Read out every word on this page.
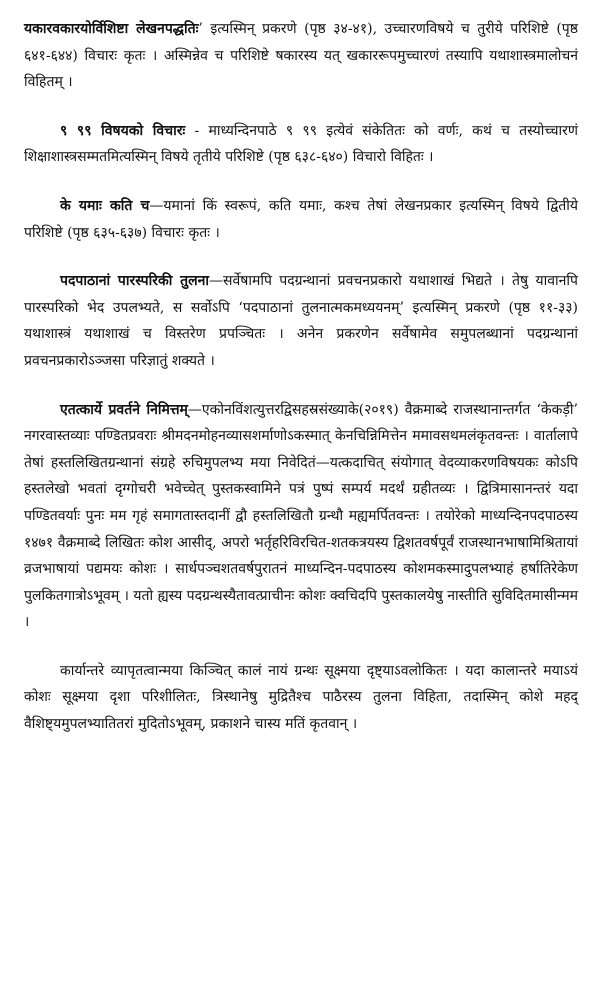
यकारवकारयोर्विशिष्टा लेखनपद्धतिः’ इत्यस्मिन् प्रकरणे (पृष्ठ ३४-४१), उच्चारणविषये च तुरीये परिशिष्टे (पृष्ठ ६४१-६४४) विचारः कृतः । अस्मिन्नेव च परिशिष्टे षकारस्य यत् खकाररूपमुच्चारणं तस्यापि यथाशास्त्रमालोचनं विहितम् ।

९ ९९ विषयको विचारः - माध्यन्दिनपाठे ९ ९९ इत्येवं संकेतितः को वर्णः, कथं च तस्योच्चारणं शिक्षाशास्त्रसम्मतमित्यस्मिन् विषये तृतीये परिशिष्टे (पृष्ठ ६३८-६४०) विचारो विहितः ।

के यमाः कति च—यमानां किं स्वरूपं, कति यमाः, कश्च तेषां लेखनप्रकार इत्यस्मिन् विषये द्वितीये परिशिष्टे (पृष्ठ ६३५-६३७) विचारः कृतः ।

पदपाठानां पारस्परिकी तुलना—सर्वेषामपि पदग्रन्थानां प्रवचनप्रकारो यथाशाखं भिद्यते । तेषु यावानपि पारस्परिको भेद उपलभ्यते, स सर्वोऽपि ‘पदपाठानां तुलनात्मकमध्ययनम्’ इत्यस्मिन् प्रकरणे (पृष्ठ ११-३३) यथाशास्त्रं यथाशाखं च विस्तरेण प्रपञ्चितः । अनेन प्रकरणेन सर्वेषामेव समुपलब्धानां पदग्रन्थानां प्रवचनप्रकारोऽञ्जसा परिज्ञातुं शक्यते ।

एतत्कार्ये प्रवर्तने निमित्तम्—एकोनविंशत्युत्तरद्विसहस्रसंख्याके(२०१९) वैक्रमाब्दे राजस्थानान्तर्गत ‘केकड़ी’ नगरवास्तव्याः पण्डितप्रवराः श्रीमदनमोहनव्यासशर्माणोऽकस्मात् केनचिन्निमित्तेन ममावसथमलंकृतवन्तः । वार्तालापे तेषां हस्तलिखितग्रन्थानां संग्रहे रुचिमुपलभ्य मया निवेदितं—यत्कदाचित् संयोगात् वेदव्याकरणविषयकः कोऽपि हस्तलेखो भवतां दृग्गोचरी भवेच्चेत् पुस्तकस्वामिने पत्रं पुष्पं सम्पर्य मदर्थं ग्रहीतव्यः । द्वित्रिमासानन्तरं यदा पण्डितवर्याः पुनः मम गृहं समागतास्तदानीं द्वौ हस्तलिखितौ ग्रन्थौ मह्यमर्पितवन्तः । तयोरेको माध्यन्दिनपदपाठस्य १४७१ वैक्रमाब्दे लिखितः कोश आसीद्, अपरो भर्तृहरिविरचित-शतकत्रयस्य द्विशतवर्षपूर्वं राजस्थानभाषामिश्रितायां व्रजभाषायां पद्यमयः कोशः । सार्धपञ्चशतवर्षपुरातनं माध्यन्दिन-पदपाठस्य कोशमकस्मादुपलभ्याहं हर्षातिरेकेण पुलकितगात्रोऽभूवम् । यतो ह्यस्य पदग्रन्थस्यैतावत्प्राचीनः कोशः क्वचिदपि पुस्तकालयेषु नास्तीति सुविदितमासीन्मम ।

कार्यान्तरे व्यापृतत्वान्मया किञ्चित् कालं नायं ग्रन्थः सूक्ष्मया दृष्ट्याऽवलोकितः । यदा कालान्तरे मयाऽयं कोशः सूक्ष्मया दृशा परिशीलितः, त्रिस्थानेषु मुद्रितैश्च पाठैरस्य तुलना विहिता, तदास्मिन् कोशे महद् वैशिष्ट्यमुपलभ्यातितरां मुदितोऽभूवम्, प्रकाशने चास्य मतिं कृतवान् ।
